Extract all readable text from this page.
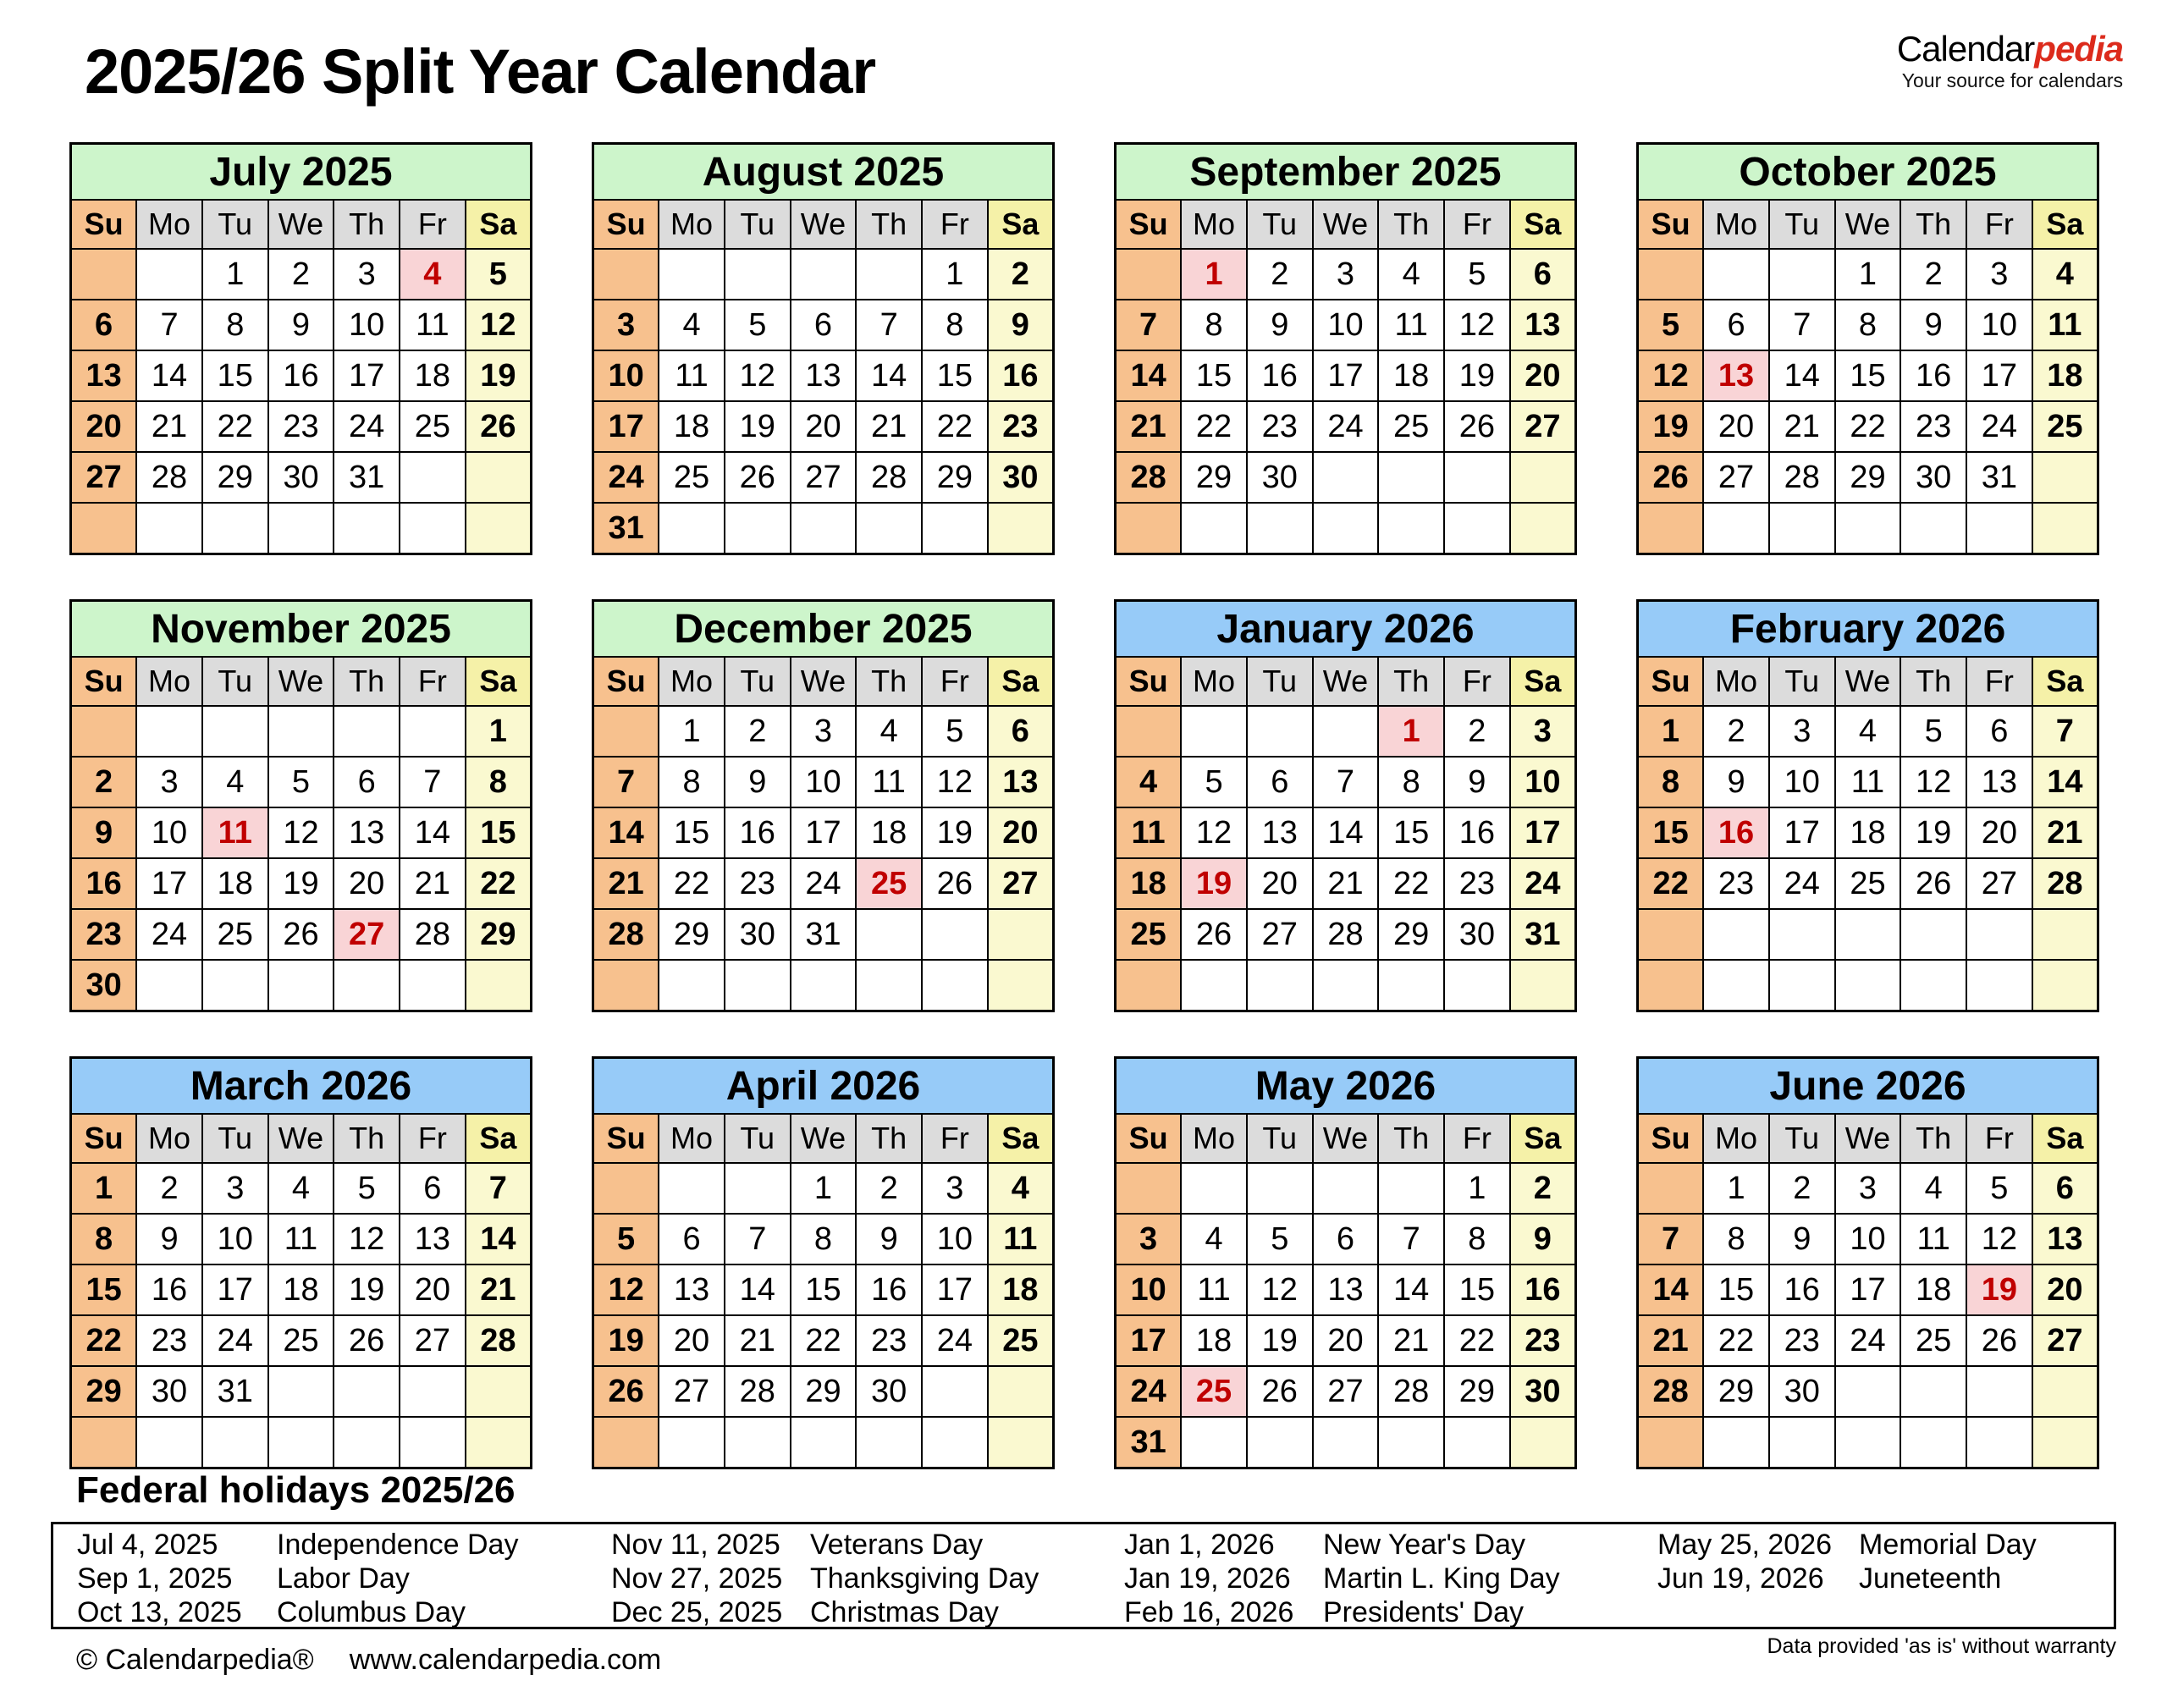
2025/26 Split Year Calendar	Calendarpedia
Your source for calendars
July 2025						
Su	Mo	Tu	We	Th	Fr	Sa
		1	2	3	4	5
6	7	8	9	10	11	12
13	14	15	16	17	18	19
20	21	22	23	24	25	26
27	28	29	30	31		

August 2025						
Su	Mo	Tu	We	Th	Fr	Sa
					1	2
3	4	5	6	7	8	9
10	11	12	13	14	15	16
17	18	19	20	21	22	23
24	25	26	27	28	29	30
31						
September 2025						
Su	Mo	Tu	We	Th	Fr	Sa
	1	2	3	4	5	6
7	8	9	10	11	12	13
14	15	16	17	18	19	20
21	22	23	24	25	26	27
28	29	30				

October 2025						
Su	Mo	Tu	We	Th	Fr	Sa
			1	2	3	4
5	6	7	8	9	10	11
12	13	14	15	16	17	18
19	20	21	22	23	24	25
26	27	28	29	30	31	

November 2025						
Su	Mo	Tu	We	Th	Fr	Sa
						1
2	3	4	5	6	7	8
9	10	11	12	13	14	15
16	17	18	19	20	21	22
23	24	25	26	27	28	29
30						
December 2025						
Su	Mo	Tu	We	Th	Fr	Sa
	1	2	3	4	5	6
7	8	9	10	11	12	13
14	15	16	17	18	19	20
21	22	23	24	25	26	27
28	29	30	31			

January 2026						
Su	Mo	Tu	We	Th	Fr	Sa
				1	2	3
4	5	6	7	8	9	10
11	12	13	14	15	16	17
18	19	20	21	22	23	24
25	26	27	28	29	30	31

February 2026						
Su	Mo	Tu	We	Th	Fr	Sa
1	2	3	4	5	6	7
8	9	10	11	12	13	14
15	16	17	18	19	20	21
22	23	24	25	26	27	28

March 2026						
Su	Mo	Tu	We	Th	Fr	Sa
1	2	3	4	5	6	7
8	9	10	11	12	13	14
15	16	17	18	19	20	21
22	23	24	25	26	27	28
29	30	31				

April 2026						
Su	Mo	Tu	We	Th	Fr	Sa
			1	2	3	4
5	6	7	8	9	10	11
12	13	14	15	16	17	18
19	20	21	22	23	24	25
26	27	28	29	30		

May 2026						
Su	Mo	Tu	We	Th	Fr	Sa
					1	2
3	4	5	6	7	8	9
10	11	12	13	14	15	16
17	18	19	20	21	22	23
24	25	26	27	28	29	30
31						
June 2026						
Su	Mo	Tu	We	Th	Fr	Sa
	1	2	3	4	5	6
7	8	9	10	11	12	13
14	15	16	17	18	19	20
21	22	23	24	25	26	27
28	29	30				

Federal holidays 2025/26
Jul 4, 2025	Independence Day	Nov 11, 2025	Veterans Day	Jan 1, 2026	New Year's Day	May 25, 2026 Memorial Day
Sep 1, 2025	Labor Day	Nov 27, 2025 Thanksgiving Day	Jan 19, 2026	Martin L. King Day	Jun 19, 2026	Juneteenth
Oct 13, 2025	Columbus Day	Dec 25, 2025 Christmas Day	Feb 16, 2026	Presidents' Day
© Calendarpedia® www.calendarpedia.com	Data provided 'as is' without warranty
